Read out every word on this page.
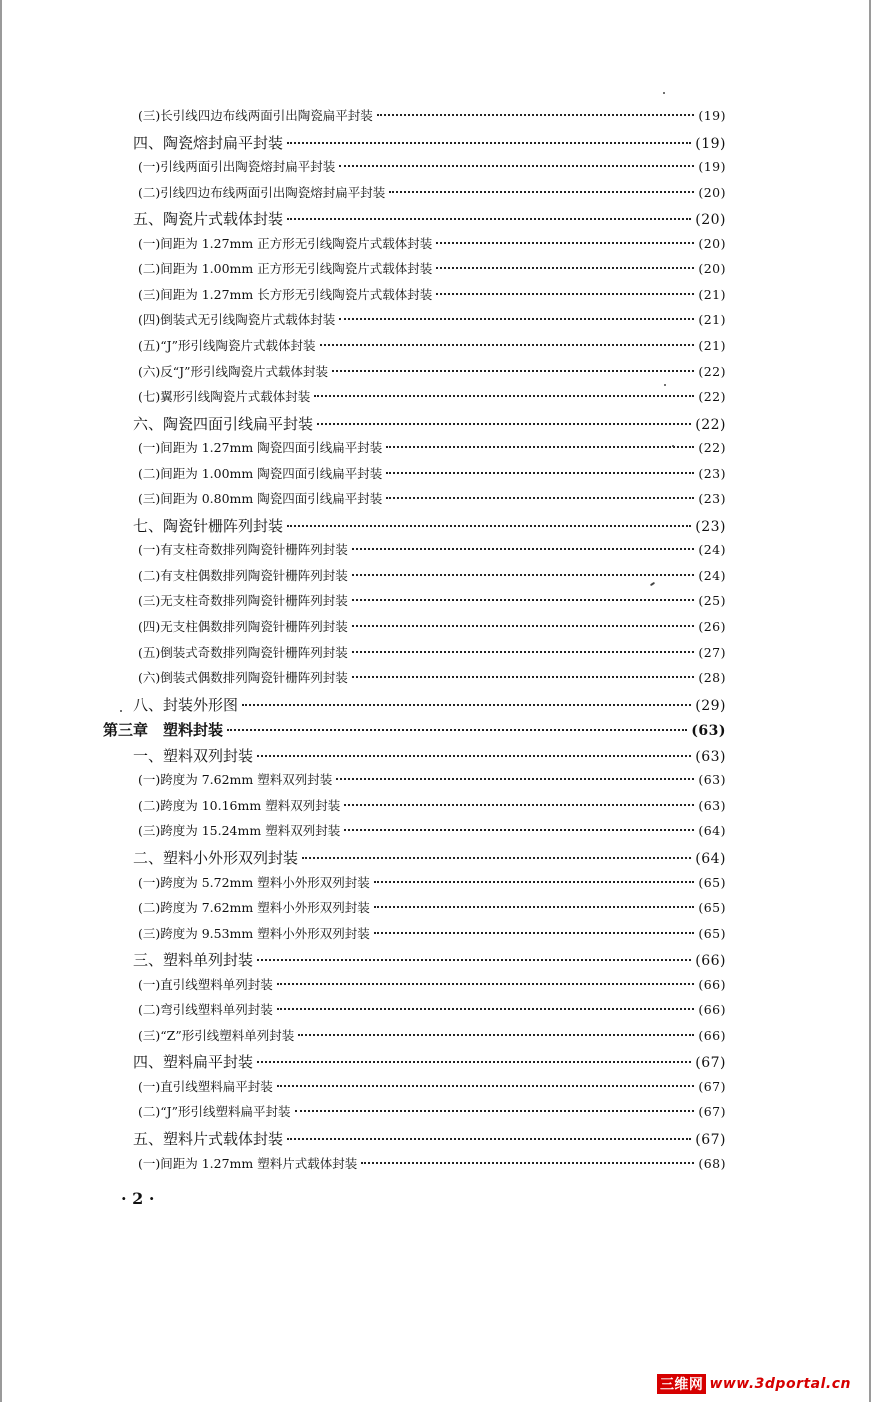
(三)长引线四边布线两面引出陶瓷扁平封装	(19)
四、陶瓷熔封扁平封装	(19)
(一)引线两面引出陶瓷熔封扁平封装	(19)
(二)引线四边布线两面引出陶瓷熔封扁平封装	(20)
五、陶瓷片式载体封装	(20)
(一)间距为 1.27mm 正方形无引线陶瓷片式载体封装	(20)
(二)间距为 1.00mm 正方形无引线陶瓷片式载体封装	(20)
(三)间距为 1.27mm 长方形无引线陶瓷片式载体封装	(21)
(四)倒装式无引线陶瓷片式载体封装	(21)
(五)“J”形引线陶瓷片式载体封装	(21)
(六)反“J”形引线陶瓷片式载体封装	(22)
(七)翼形引线陶瓷片式载体封装	(22)
六、陶瓷四面引线扁平封装	(22)
(一)间距为 1.27mm 陶瓷四面引线扁平封装	(22)
(二)间距为 1.00mm 陶瓷四面引线扁平封装	(23)
(三)间距为 0.80mm 陶瓷四面引线扁平封装	(23)
七、陶瓷针栅阵列封装	(23)
(一)有支柱奇数排列陶瓷针栅阵列封装	(24)
(二)有支柱偶数排列陶瓷针栅阵列封装	(24)
(三)无支柱奇数排列陶瓷针栅阵列封装	(25)
(四)无支柱偶数排列陶瓷针栅阵列封装	(26)
(五)倒装式奇数排列陶瓷针栅阵列封装	(27)
(六)倒装式偶数排列陶瓷针栅阵列封装	(28)
八、封装外形图	(29)
第三章　塑料封装	(63)
一、塑料双列封装	(63)
(一)跨度为 7.62mm 塑料双列封装	(63)
(二)跨度为 10.16mm 塑料双列封装	(63)
(三)跨度为 15.24mm 塑料双列封装	(64)
二、塑料小外形双列封装	(64)
(一)跨度为 5.72mm 塑料小外形双列封装	(65)
(二)跨度为 7.62mm 塑料小外形双列封装	(65)
(三)跨度为 9.53mm 塑料小外形双列封装	(65)
三、塑料单列封装	(66)
(一)直引线塑料单列封装	(66)
(二)弯引线塑料单列封装	(66)
(三)“Z”形引线塑料单列封装	(66)
四、塑料扁平封装	(67)
(一)直引线塑料扁平封装	(67)
(二)“J”形引线塑料扁平封装	(67)
五、塑料片式载体封装	(67)
(一)间距为 1.27mm 塑料片式载体封装	(68)
· 2 ·
三维网 www.3dportal.cn
